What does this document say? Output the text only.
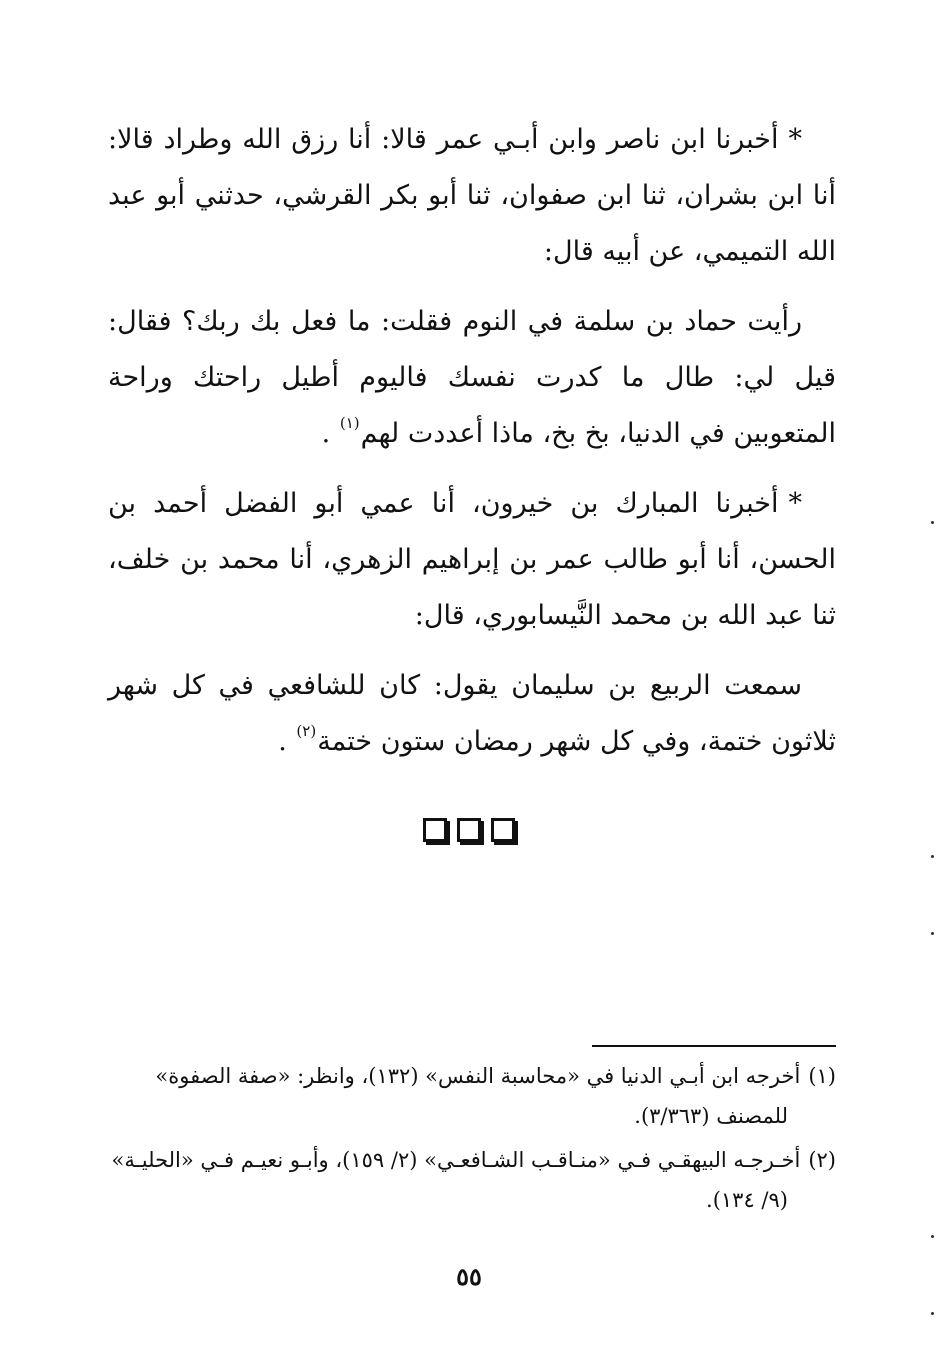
*أخبرنا ابن ناصر وابن أبـي عمر قالا: أنا رزق الله وطراد قالا: أنا ابن بشران، ثنا ابن صفوان، ثنا أبو بكر القرشي، حدثني أبو عبد الله التميمي، عن أبيه قال:

رأيت حماد بن سلمة في النوم فقلت: ما فعل بك ربك؟ فقال: قيل لي: طال ما كدرت نفسك فاليوم أطيل راحتك وراحة المتعوبين في الدنيا، بخ بخ، ماذا أعددت لهم$^{(١)}$ .

*أخبرنا المبارك بن خيرون، أنا عمي أبو الفضل أحمد بن الحسن، أنا أبو طالب عمر بن إبراهيم الزهري، أنا محمد بن خلف، ثنا عبد الله بن محمد النَّيسابوري، قال:

سمعت الربيع بن سليمان يقول: كان للشافعي في كل شهر ثلاثون ختمة، وفي كل شهر رمضان ستون ختمة$^{(٢)}$ .

(١)أخرجه ابن أبـي الدنيا في «محاسبة النفس» (١٣٢)، وانظر: «صفة الصفوة»
للمصنف (٣/٣٦٣).

(٢)أخـرجـه البيهقـي فـي «منـاقـب الشـافعـي» (٢/ ١٥٩)، وأبـو نعيـم فـي «الحليـة»
(٩/ ١٣٤).

٥٥
